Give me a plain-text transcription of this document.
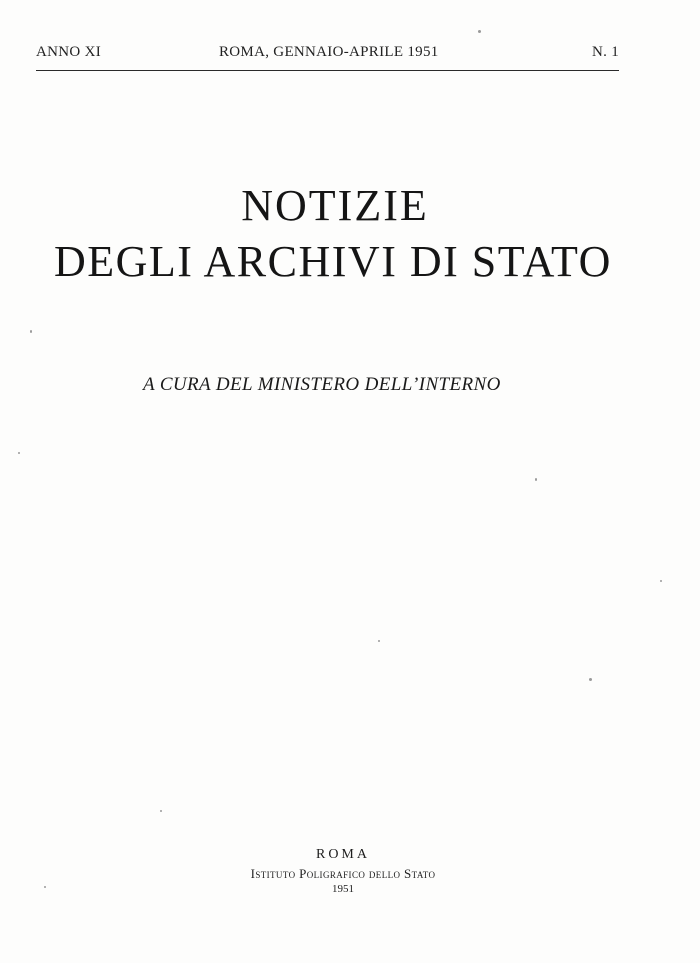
ANNO XI	ROMA, GENNAIO-APRILE 1951	N. 1
NOTIZIE
DEGLI ARCHIVI DI STATO
A CURA DEL MINISTERO DELL’INTERNO
ROMA
Istituto Poligrafico dello Stato
1951
